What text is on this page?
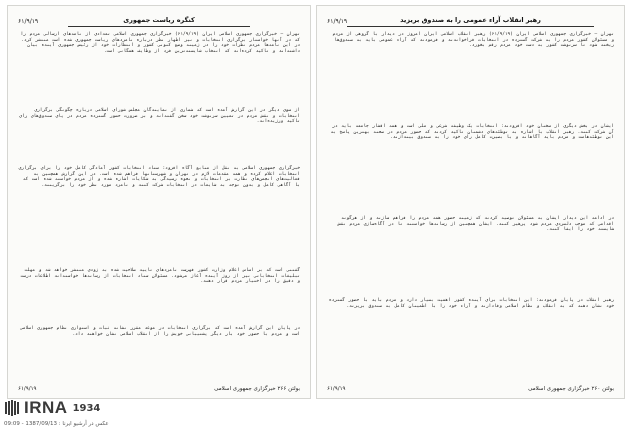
۶۱/۹/۱۹	کنگره ریاست جمهوری
تهران — خبرگزاری جمهوری اسلامی ایران (۶۱/۹/۱۹) خبرگزاری جمهوری اسلامی تعدادی از نامه‌های ارسالی مردم را که در آنها خواستار برگزاری انتخابات و نیز اظهار نظر درباره نامزدهای ریاست جمهوری شده است منتشر کرد. در این نامه‌ها مردم نظرات خود را در زمینه وضع کنونی کشور و انتظارات خود از رئیس جمهوری آینده بیان داشته‌اند و تاکید کرده‌اند که انتخاب شایسته‌ترین فرد از وظایف همگانی است.
از سوی دیگر در این گزارش آمده است که شماری از نمایندگان مجلس شورای اسلامی درباره چگونگی برگزاری انتخابات و نقش مردم در تعیین سرنوشت خود سخن گفته‌اند و بر ضرورت حضور گسترده مردم در پای صندوق‌های رای تاکید ورزیده‌اند.
خبرگزاری جمهوری اسلامی به نقل از منابع آگاه افزود: ستاد انتخابات کشور آمادگی کامل خود را برای برگزاری انتخابات اعلام کرده و همه مقدمات لازم در تهران و شهرستانها فراهم شده است. در این گزارش همچنین به فعالیت‌های انجمن‌های نظارت بر انتخابات و نحوه رسیدگی به شکایات اشاره شده و از مردم خواسته شده است که با آگاهی کامل و بدون توجه به شایعات در انتخابات شرکت کنند و نامزد مورد نظر خود را برگزینند.
گفتنی است که بر اساس اعلام وزارت کشور فهرست نامزدهای تایید صلاحیت شده به زودی منتشر خواهد شد و مهلت تبلیغات انتخاباتی نیز از روز آینده آغاز می‌شود. مسئولان ستاد انتخابات از رسانه‌ها خواسته‌اند اطلاعات درست و دقیق را در اختیار مردم قرار دهند.
در پایان این گزارش آمده است که برگزاری انتخابات در موعد مقرر نشانه ثبات و استواری نظام جمهوری اسلامی است و مردم با حضور خود بار دیگر پشتیبانی خویش را از انقلاب اسلامی نشان خواهند داد.
بولتن ۲۶۶ خبرگزاری جمهوری اسلامی
۶۱/۹/۱۹
۶۱/۹/۱۹	رهبر انقلاب آراء عمومی را به صندوق بریزید
تهران — خبرگزاری جمهوری اسلامی ایران (۶۱/۹/۱۹) رهبر انقلاب اسلامی ایران امروز در دیدار با گروهی از مردم و مسئولان کشور مردم را به شرکت گسترده در انتخابات فراخواندند و فرمودند که آراء عمومی باید به صندوق‌ها ریخته شود تا سرنوشت کشور به دست خود مردم رقم بخورد.
ایشان در بخش دیگری از سخنان خود افزودند: انتخابات یک وظیفه شرعی و ملی است و همه اقشار جامعه باید در آن شرکت کنند. رهبر انقلاب با اشاره به توطئه‌های دشمنان تاکید کردند که حضور مردم در صحنه بهترین پاسخ به این توطئه‌هاست و مردم باید آگاهانه و با بصیرت کامل رای خود را به صندوق بیندازند.
در ادامه این دیدار ایشان به مسئولان توصیه کردند که زمینه حضور همه مردم را فراهم سازند و از هرگونه اقدامی که موجب دلسردی مردم شود پرهیز کنند. ایشان همچنین از رسانه‌ها خواستند تا در آگاه‌سازی مردم نقش شایسته خود را ایفا کنند.
رهبر انقلاب در پایان فرمودند: این انتخابات برای آینده کشور اهمیت بسیار دارد و مردم باید با حضور گسترده خود نشان دهند که به انقلاب و نظام اسلامی وفادارند و آراء خود را با اطمینان کامل به صندوق بریزند.
بولتن ۲۶۰ خبرگزاری جمهوری اسلامی
۶۱/۹/۱۹
IRNA 1934
عکس در آرشیو ایرنا : 1387/09/13 - 09:09
